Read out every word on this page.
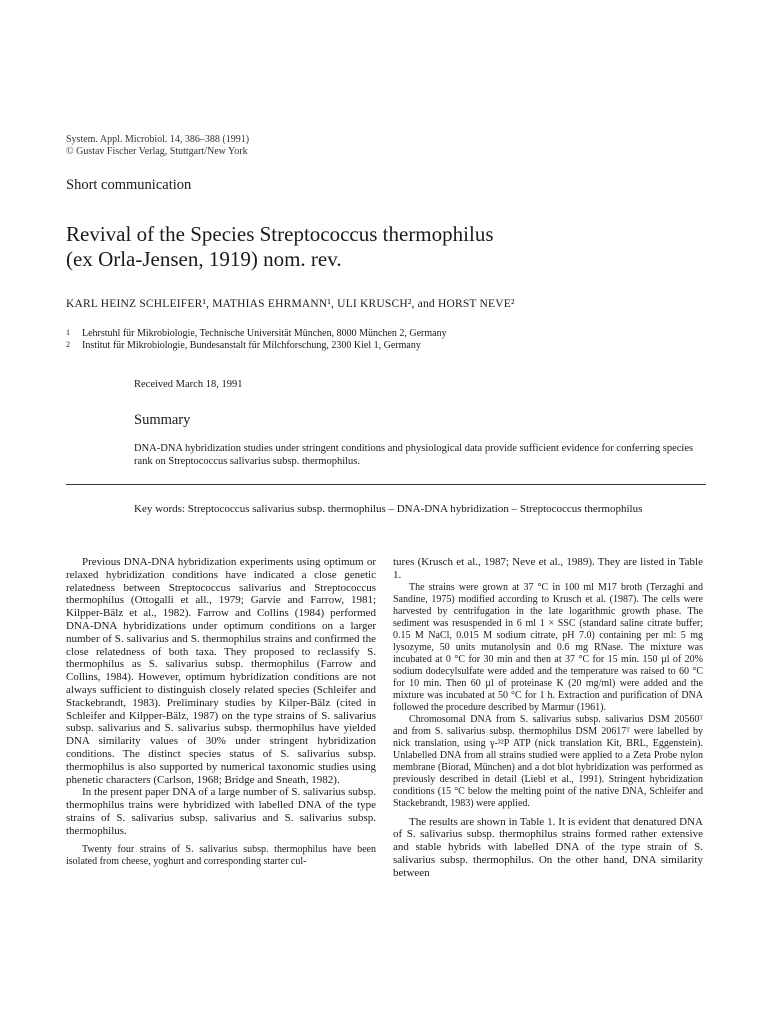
System. Appl. Microbiol. 14, 386–388 (1991)
© Gustav Fischer Verlag, Stuttgart/New York
Short communication
Revival of the Species Streptococcus thermophilus
(ex Orla-Jensen, 1919) nom. rev.
KARL HEINZ SCHLEIFER¹, MATHIAS EHRMANN¹, ULI KRUSCH², and HORST NEVE²
1	Lehrstuhl für Mikrobiologie, Technische Universität München, 8000 München 2, Germany
2	Institut für Mikrobiologie, Bundesanstalt für Milchforschung, 2300 Kiel 1, Germany
Received March 18, 1991
Summary
DNA-DNA hybridization studies under stringent conditions and physiological data provide sufficient evidence for conferring species rank on Streptococcus salivarius subsp. thermophilus.
Key words: Streptococcus salivarius subsp. thermophilus – DNA-DNA hybridization – Streptococcus thermophilus

Previous DNA-DNA hybridization experiments using optimum or relaxed hybridization conditions have indicated a close genetic relatedness between Streptococcus salivarius and Streptococcus thermophilus (Ottogalli et all., 1979; Garvie and Farrow, 1981; Kilpper-Bälz et al., 1982). Farrow and Collins (1984) performed DNA-DNA hybridizations under optimum conditions on a larger number of S. salivarius and S. thermophilus strains and confirmed the close relatedness of both taxa. They proposed to reclassify S. thermophilus as S. salivarius subsp. thermophilus (Farrow and Collins, 1984). However, optimum hybridization conditions are not always sufficient to distinguish closely related species (Schleifer and Stackebrandt, 1983). Preliminary studies by Kilper-Bälz (cited in Schleifer and Kilpper-Bälz, 1987) on the type strains of S. salivarius subsp. salivarius and S. salivarius subsp. thermophilus have yielded DNA similarity values of 30% under stringent hybridization conditions. The distinct species status of S. salivarius subsp. thermophilus is also supported by numerical taxonomic studies using phenetic characters (Carlson, 1968; Bridge and Sneath, 1982).

In the present paper DNA of a large number of S. salivarius subsp. thermophilus trains were hybridized with labelled DNA of the type strains of S. salivarius subsp. salivarius and S. salivarius subsp. thermophilus.

Twenty four strains of S. salivarius subsp. thermophilus have been isolated from cheese, yoghurt and corresponding starter cul-

tures (Krusch et al., 1987; Neve et al., 1989). They are listed in Table 1.

The strains were grown at 37 °C in 100 ml M17 broth (Terzaghi and Sandine, 1975) modified according to Krusch et al. (1987). The cells were harvested by centrifugation in the late logarithmic growth phase. The sediment was resuspended in 6 ml 1 × SSC (standard saline citrate buffer; 0.15 M NaCl, 0.015 M sodium citrate, pH 7.0) containing per ml: 5 mg lysozyme, 50 units mutanolysin and 0.6 mg RNase. The mixture was incubated at 0 °C for 30 min and then at 37 °C for 15 min. 150 µl of 20% sodium dodecylsulfate were added and the temperature was raised to 60 °C for 10 min. Then 60 µl of proteinase K (20 mg/ml) were added and the mixture was incubated at 50 °C for 1 h. Extraction and purification of DNA followed the procedure described by Marmur (1961).

Chromosomal DNA from S. salivarius subsp. salivarius DSM 20560ᵀ and from S. salivarius subsp. thermophilus DSM 20617ᵀ were labelled by nick translation, using γ-³²P ATP (nick translation Kit, BRL, Eggenstein). Unlabelled DNA from all strains studied were applied to a Zeta Probe nylon membrane (Biorad, München) and a dot blot hybridization was performed as previously described in detail (Liebl et al., 1991). Stringent hybridization conditions (15 °C below the melting point of the native DNA, Schleifer and Stackebrandt, 1983) were applied.

The results are shown in Table 1. It is evident that denatured DNA of S. salivarius subsp. thermophilus strains formed rather extensive and stable hybrids with labelled DNA of the type strain of S. salivarius subsp. thermophilus. On the other hand, DNA similarity between
